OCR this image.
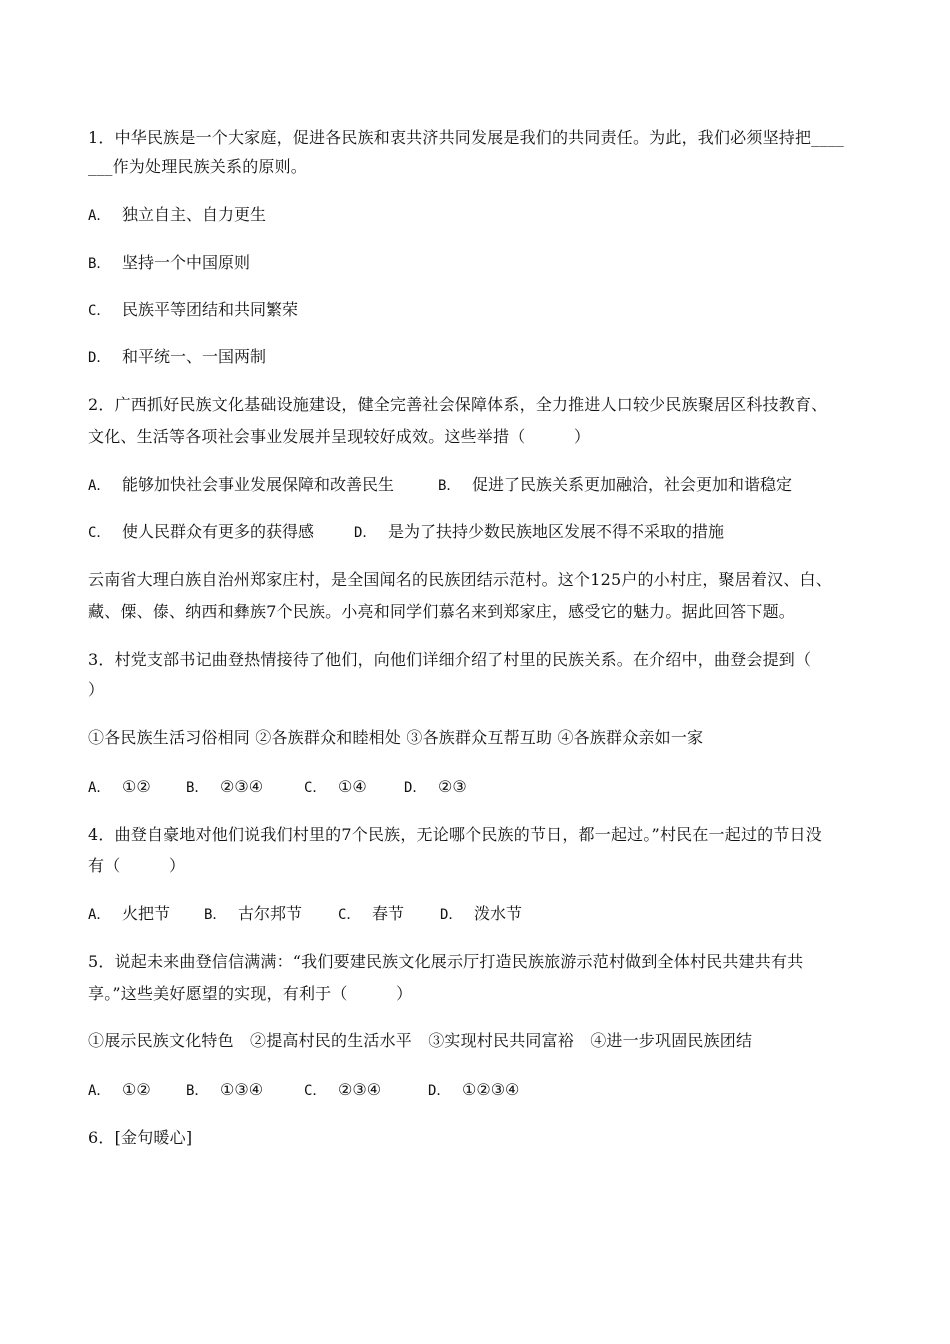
1．中华民族是一个大家庭，促进各民族和衷共济共同发展是我们的共同责任。为此，我们必须坚持把____
___作为处理民族关系的原则。
A． 独立自主、自力更生
B． 坚持一个中国原则
C． 民族平等团结和共同繁荣
D． 和平统一、一国两制
2．广西抓好民族文化基础设施建设，健全完善社会保障体系，全力推进人口较少民族聚居区科技教育、
文化、生活等各项社会事业发展并呈现较好成效。这些举措（　　　）
A． 能够加快社会事业发展保障和改善民生	B． 促进了民族关系更加融洽，社会更加和谐稳定
C． 使人民群众有更多的获得感	D． 是为了扶持少数民族地区发展不得不采取的措施
云南省大理白族自治州郑家庄村，是全国闻名的民族团结示范村。这个125户的小村庄，聚居着汉、白、
藏、傈、傣、纳西和彝族7个民族。小亮和同学们慕名来到郑家庄，感受它的魅力。据此回答下题。
3．村党支部书记曲登热情接待了他们，向他们详细介绍了村里的民族关系。在介绍中，曲登会提到（
）
①各民族生活习俗相同 ②各族群众和睦相处 ③各族群众互帮互助 ④各族群众亲如一家
A． ①②	B． ②③④	C． ①④	D． ②③
4．曲登自豪地对他们说我们村里的7个民族，无论哪个民族的节日，都一起过。”村民在一起过的节日没
有（　　　）
A． 火把节 B． 古尔邦节	C． 春节	D． 泼水节
5．说起未来曲登信信满满：“我们要建民族文化展示厅打造民族旅游示范村做到全体村民共建共有共
享。”这些美好愿望的实现，有利于（　　　）
①展示民族文化特色　②提高村民的生活水平　③实现村民共同富裕　④进一步巩固民族团结
A． ①②	B． ①③④	C． ②③④	D． ①②③④
6．[金句暖心]
